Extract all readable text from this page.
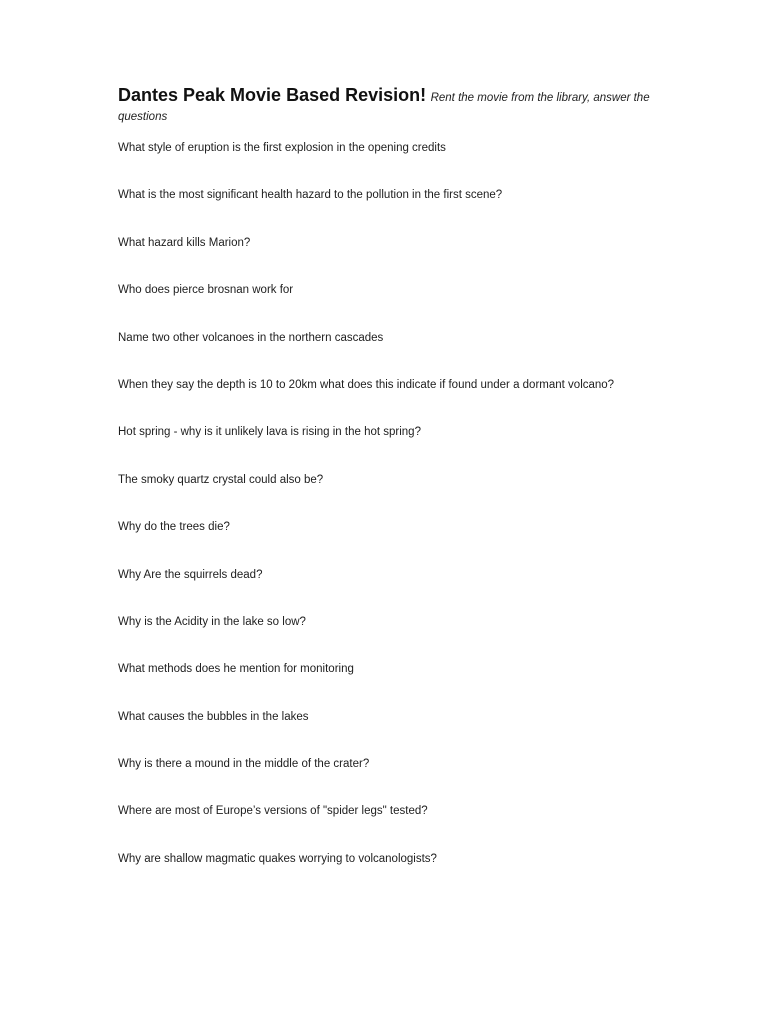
Dantes Peak Movie Based Revision! Rent the movie from the library, answer the questions
What style of eruption is the first explosion in the opening credits
What is the most significant health hazard to the pollution in the first scene?
What hazard kills Marion?
Who does pierce brosnan work for
Name two other volcanoes in the northern cascades
When they say the depth is 10 to 20km what does this indicate if found under a dormant volcano?
Hot spring - why is it unlikely lava is rising in the hot spring?
The smoky quartz crystal could also be?
Why do the trees die?
Why Are the squirrels dead?
Why is the Acidity in the lake so low?
What methods does he mention for monitoring
What causes the bubbles in the lakes
Why is there a mound in the middle of the crater?
Where are most of Europe’s versions of "spider legs" tested?
Why are shallow magmatic quakes worrying to volcanologists?
